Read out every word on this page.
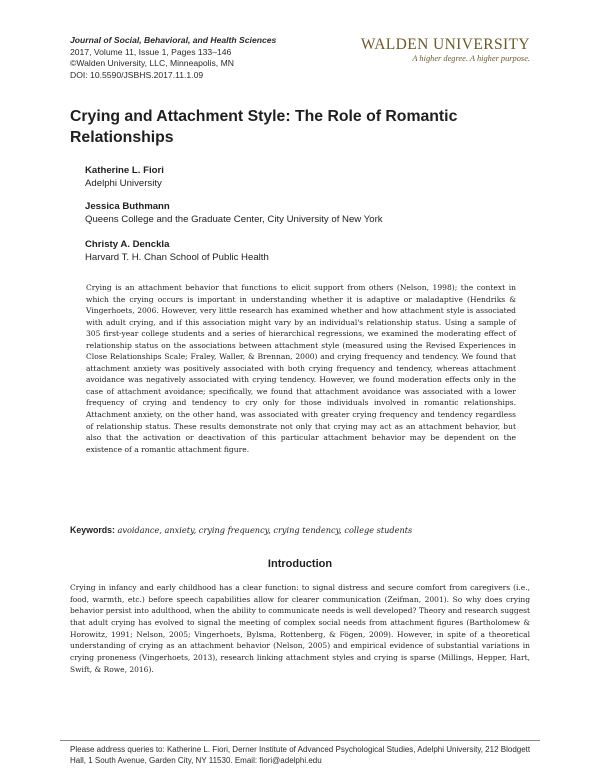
Journal of Social, Behavioral, and Health Sciences
2017, Volume 11, Issue 1, Pages 133–146
©Walden University, LLC, Minneapolis, MN
DOI: 10.5590/JSBHS.2017.11.1.09
WALDEN UNIVERSITY
A higher degree. A higher purpose.
Crying and Attachment Style: The Role of Romantic Relationships
Katherine L. Fiori
Adelphi University
Jessica Buthmann
Queens College and the Graduate Center, City University of New York
Christy A. Denckla
Harvard T. H. Chan School of Public Health

Crying is an attachment behavior that functions to elicit support from others (Nelson, 1998); the context in which the crying occurs is important in understanding whether it is adaptive or maladaptive (Hendriks & Vingerhoets, 2006. However, very little research has examined whether and how attachment style is associated with adult crying, and if this association might vary by an individual's relationship status. Using a sample of 305 first-year college students and a series of hierarchical regressions, we examined the moderating effect of relationship status on the associations between attachment style (measured using the Revised Experiences in Close Relationships Scale; Fraley, Waller, & Brennan, 2000) and crying frequency and tendency. We found that attachment anxiety was positively associated with both crying frequency and tendency, whereas attachment avoidance was negatively associated with crying tendency. However, we found moderation effects only in the case of attachment avoidance; specifically, we found that attachment avoidance was associated with a lower frequency of crying and tendency to cry only for those individuals involved in romantic relationships. Attachment anxiety, on the other hand, was associated with greater crying frequency and tendency regardless of relationship status. These results demonstrate not only that crying may act as an attachment behavior, but also that the activation or deactivation of this particular attachment behavior may be dependent on the existence of a romantic attachment figure.

Keywords: avoidance, anxiety, crying frequency, crying tendency, college students
Introduction

Crying in infancy and early childhood has a clear function: to signal distress and secure comfort from caregivers (i.e., food, warmth, etc.) before speech capabilities allow for clearer communication (Zeifman, 2001). So why does crying behavior persist into adulthood, when the ability to communicate needs is well developed? Theory and research suggest that adult crying has evolved to signal the meeting of complex social needs from attachment figures (Bartholomew & Horowitz, 1991; Nelson, 2005; Vingerhoets, Bylsma, Rottenberg, & Fögen, 2009). However, in spite of a theoretical understanding of crying as an attachment behavior (Nelson, 2005) and empirical evidence of substantial variations in crying proneness (Vingerhoets, 2013), research linking attachment styles and crying is sparse (Millings, Hepper, Hart, Swift, & Rowe, 2016).

Please address queries to: Katherine L. Fiori, Derner Institute of Advanced Psychological Studies, Adelphi University, 212 Blodgett Hall, 1 South Avenue, Garden City, NY 11530. Email: fiori@adelphi.edu
